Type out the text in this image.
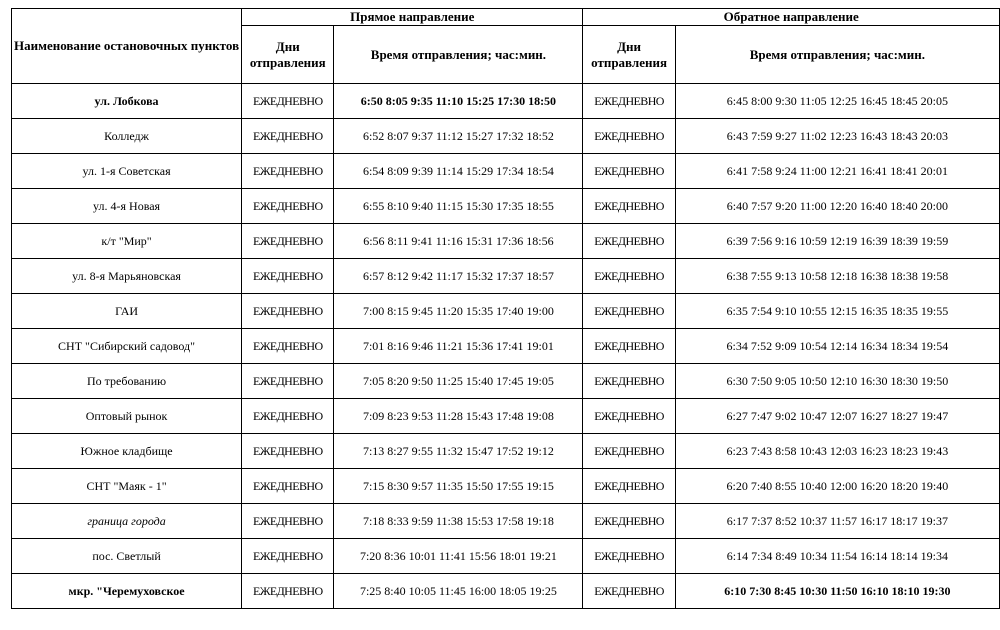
Наименование остановочных пунктов	Прямое направление		Обратное направление	
	Дни отправления	Время отправления; час:мин.	Дни отправления	Время отправления; час:мин.
ул. Лобкова	ЕЖЕДНЕВНО	6:50 8:05 9:35 11:10 15:25 17:30 18:50	ЕЖЕДНЕВНО	6:45 8:00 9:30 11:05 12:25 16:45 18:45 20:05
Колледж	ЕЖЕДНЕВНО	6:52 8:07 9:37 11:12 15:27 17:32 18:52	ЕЖЕДНЕВНО	6:43 7:59 9:27 11:02 12:23 16:43 18:43 20:03
ул. 1-я Советская	ЕЖЕДНЕВНО	6:54 8:09 9:39 11:14 15:29 17:34 18:54	ЕЖЕДНЕВНО	6:41 7:58 9:24 11:00 12:21 16:41 18:41 20:01
ул. 4-я Новая	ЕЖЕДНЕВНО	6:55 8:10 9:40 11:15 15:30 17:35 18:55	ЕЖЕДНЕВНО	6:40 7:57 9:20 11:00 12:20 16:40 18:40 20:00
к/т "Мир"	ЕЖЕДНЕВНО	6:56 8:11 9:41 11:16 15:31 17:36 18:56	ЕЖЕДНЕВНО	6:39 7:56 9:16 10:59 12:19 16:39 18:39 19:59
ул. 8-я Марьяновская	ЕЖЕДНЕВНО	6:57 8:12 9:42 11:17 15:32 17:37 18:57	ЕЖЕДНЕВНО	6:38 7:55 9:13 10:58 12:18 16:38 18:38 19:58
ГАИ	ЕЖЕДНЕВНО	7:00 8:15 9:45 11:20 15:35 17:40 19:00	ЕЖЕДНЕВНО	6:35 7:54 9:10 10:55 12:15 16:35 18:35 19:55
СНТ "Сибирский садовод"	ЕЖЕДНЕВНО	7:01 8:16 9:46 11:21 15:36 17:41 19:01	ЕЖЕДНЕВНО	6:34 7:52 9:09 10:54 12:14 16:34 18:34 19:54
По требованию	ЕЖЕДНЕВНО	7:05 8:20 9:50 11:25 15:40 17:45 19:05	ЕЖЕДНЕВНО	6:30 7:50 9:05 10:50 12:10 16:30 18:30 19:50
Оптовый рынок	ЕЖЕДНЕВНО	7:09 8:23 9:53 11:28 15:43 17:48 19:08	ЕЖЕДНЕВНО	6:27 7:47 9:02 10:47 12:07 16:27 18:27 19:47
Южное кладбище	ЕЖЕДНЕВНО	7:13 8:27 9:55 11:32 15:47 17:52 19:12	ЕЖЕДНЕВНО	6:23 7:43 8:58 10:43 12:03 16:23 18:23 19:43
СНТ "Маяк - 1"	ЕЖЕДНЕВНО	7:15 8:30 9:57 11:35 15:50 17:55 19:15	ЕЖЕДНЕВНО	6:20 7:40 8:55 10:40 12:00 16:20 18:20 19:40
граница города	ЕЖЕДНЕВНО	7:18 8:33 9:59 11:38 15:53 17:58 19:18	ЕЖЕДНЕВНО	6:17 7:37 8:52 10:37 11:57 16:17 18:17 19:37
пос. Светлый	ЕЖЕДНЕВНО	7:20 8:36 10:01 11:41 15:56 18:01 19:21	ЕЖЕДНЕВНО	6:14 7:34 8:49 10:34 11:54 16:14 18:14 19:34
мкр. "Черемуховское	ЕЖЕДНЕВНО	7:25 8:40 10:05 11:45 16:00 18:05 19:25	ЕЖЕДНЕВНО	6:10 7:30 8:45 10:30 11:50 16:10 18:10 19:30
